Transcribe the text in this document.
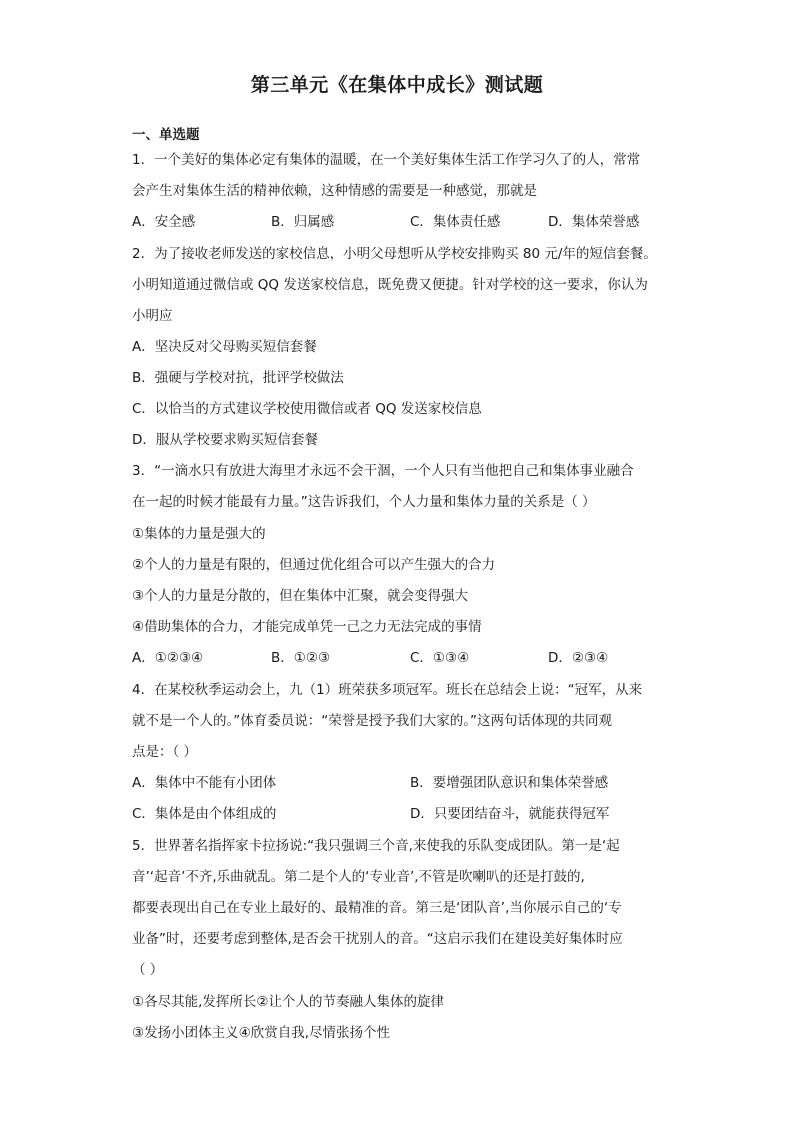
第三单元《在集体中成长》测试题
一、单选题
1．一个美好的集体必定有集体的温暖，在一个美好集体生活工作学习久了的人，常常
会产生对集体生活的精神依赖，这种情感的需要是一种感觉，那就是
A．安全感	B．归属感	C．集体责任感	D．集体荣誉感
2．为了接收老师发送的家校信息，小明父母想听从学校安排购买 80 元/年的短信套餐。
小明知道通过微信或 QQ 发送家校信息，既免费又便捷。针对学校的这一要求，你认为
小明应
A．坚决反对父母购买短信套餐
B．强硬与学校对抗，批评学校做法
C．以恰当的方式建议学校使用微信或者 QQ 发送家校信息
D．服从学校要求购买短信套餐
3．“一滴水只有放进大海里才永远不会干涸，一个人只有当他把自己和集体事业融合
在一起的时候才能最有力量。”这告诉我们，个人力量和集体力量的关系是（ ）
①集体的力量是强大的
②个人的力量是有限的，但通过优化组合可以产生强大的合力
③个人的力量是分散的，但在集体中汇聚，就会变得强大
④借助集体的合力，才能完成单凭一己之力无法完成的事情
A．①②③④	B．①②③	C．①③④	D．②③④
4．在某校秋季运动会上，九（1）班荣获多项冠军。班长在总结会上说：“冠军，从来
就不是一个人的。”体育委员说：“荣誉是授予我们大家的。”这两句话体现的共同观
点是：（ ）
A．集体中不能有小团体	B．要增强团队意识和集体荣誉感
C．集体是由个体组成的	D．只要团结奋斗，就能获得冠军
5．世界著名指挥家卡拉扬说:“我只强调三个音,来使我的乐队变成团队。第一是‘起
音’‘起音’不齐,乐曲就乱。第二是个人的‘专业音’,不管是吹喇叭的还是打鼓的,
都要表现出自己在专业上最好的、最精准的音。第三是‘团队音’,当你展示自己的‘专
业备”时，还要考虑到整体,是否会干扰别人的音。“这启示我们在建设美好集体时应
（ ）
①各尽其能,发挥所长②让个人的节奏融人集体的旋律
③发扬小团体主义④欣赏自我,尽情张扬个性
